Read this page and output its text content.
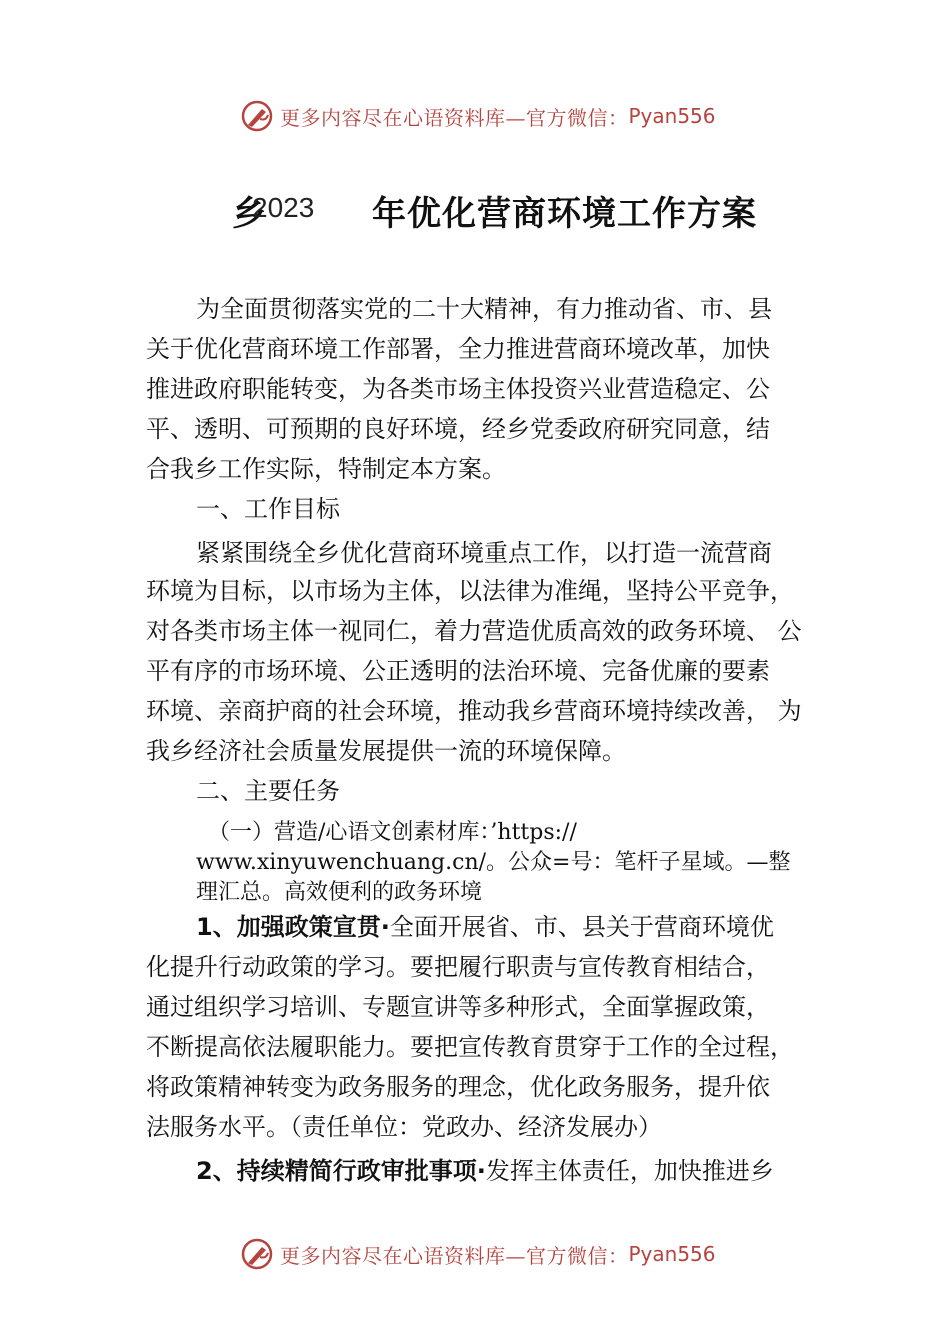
更多内容尽在心语资料库—官方微信： Pyan556
乡 2023 年优化营商环境工作方案
为全面贯彻落实党的二十大精神，有力推动省、市、县
关于优化营商环境工作部署，全力推进营商环境改革，加快
推进政府职能转变，为各类市场主体投资兴业营造稳定、公
平、透明、可预期的良好环境，经乡党委政府研究同意，结
合我乡工作实际，特制定本方案。
一、工作目标
紧紧围绕全乡优化营商环境重点工作，以打造一流营商
环境为目标，以市场为主体，以法律为准绳，坚持公平竞争，
对各类市场主体一视同仁，着力营造优质高效的政务环境、 公
平有序的市场环境、公正透明的法治环境、完备优廉的要素
环境、亲商护商的社会环境，推动我乡营商环境持续改善， 为
我乡经济社会质量发展提供一流的环境保障。
二、主要任务
（一）营造/心语文创素材库：’https://
www.xinyuwenchuang.cn/。公众=号：笔杆子星域。—整
理汇总。高效便利的政务环境
1、加强政策宣贯·全面开展省、市、县关于营商环境优
化提升行动政策的学习。要把履行职责与宣传教育相结合，
通过组织学习培训、专题宣讲等多种形式，全面掌握政策，
不断提高依法履职能力。要把宣传教育贯穿于工作的全过程，
将政策精神转变为政务服务的理念，优化政务服务，提升依
法服务水平。（责任单位：党政办、经济发展办）
2、持续精简行政审批事项·发挥主体责任，加快推进乡
更多内容尽在心语资料库—官方微信： Pyan556
